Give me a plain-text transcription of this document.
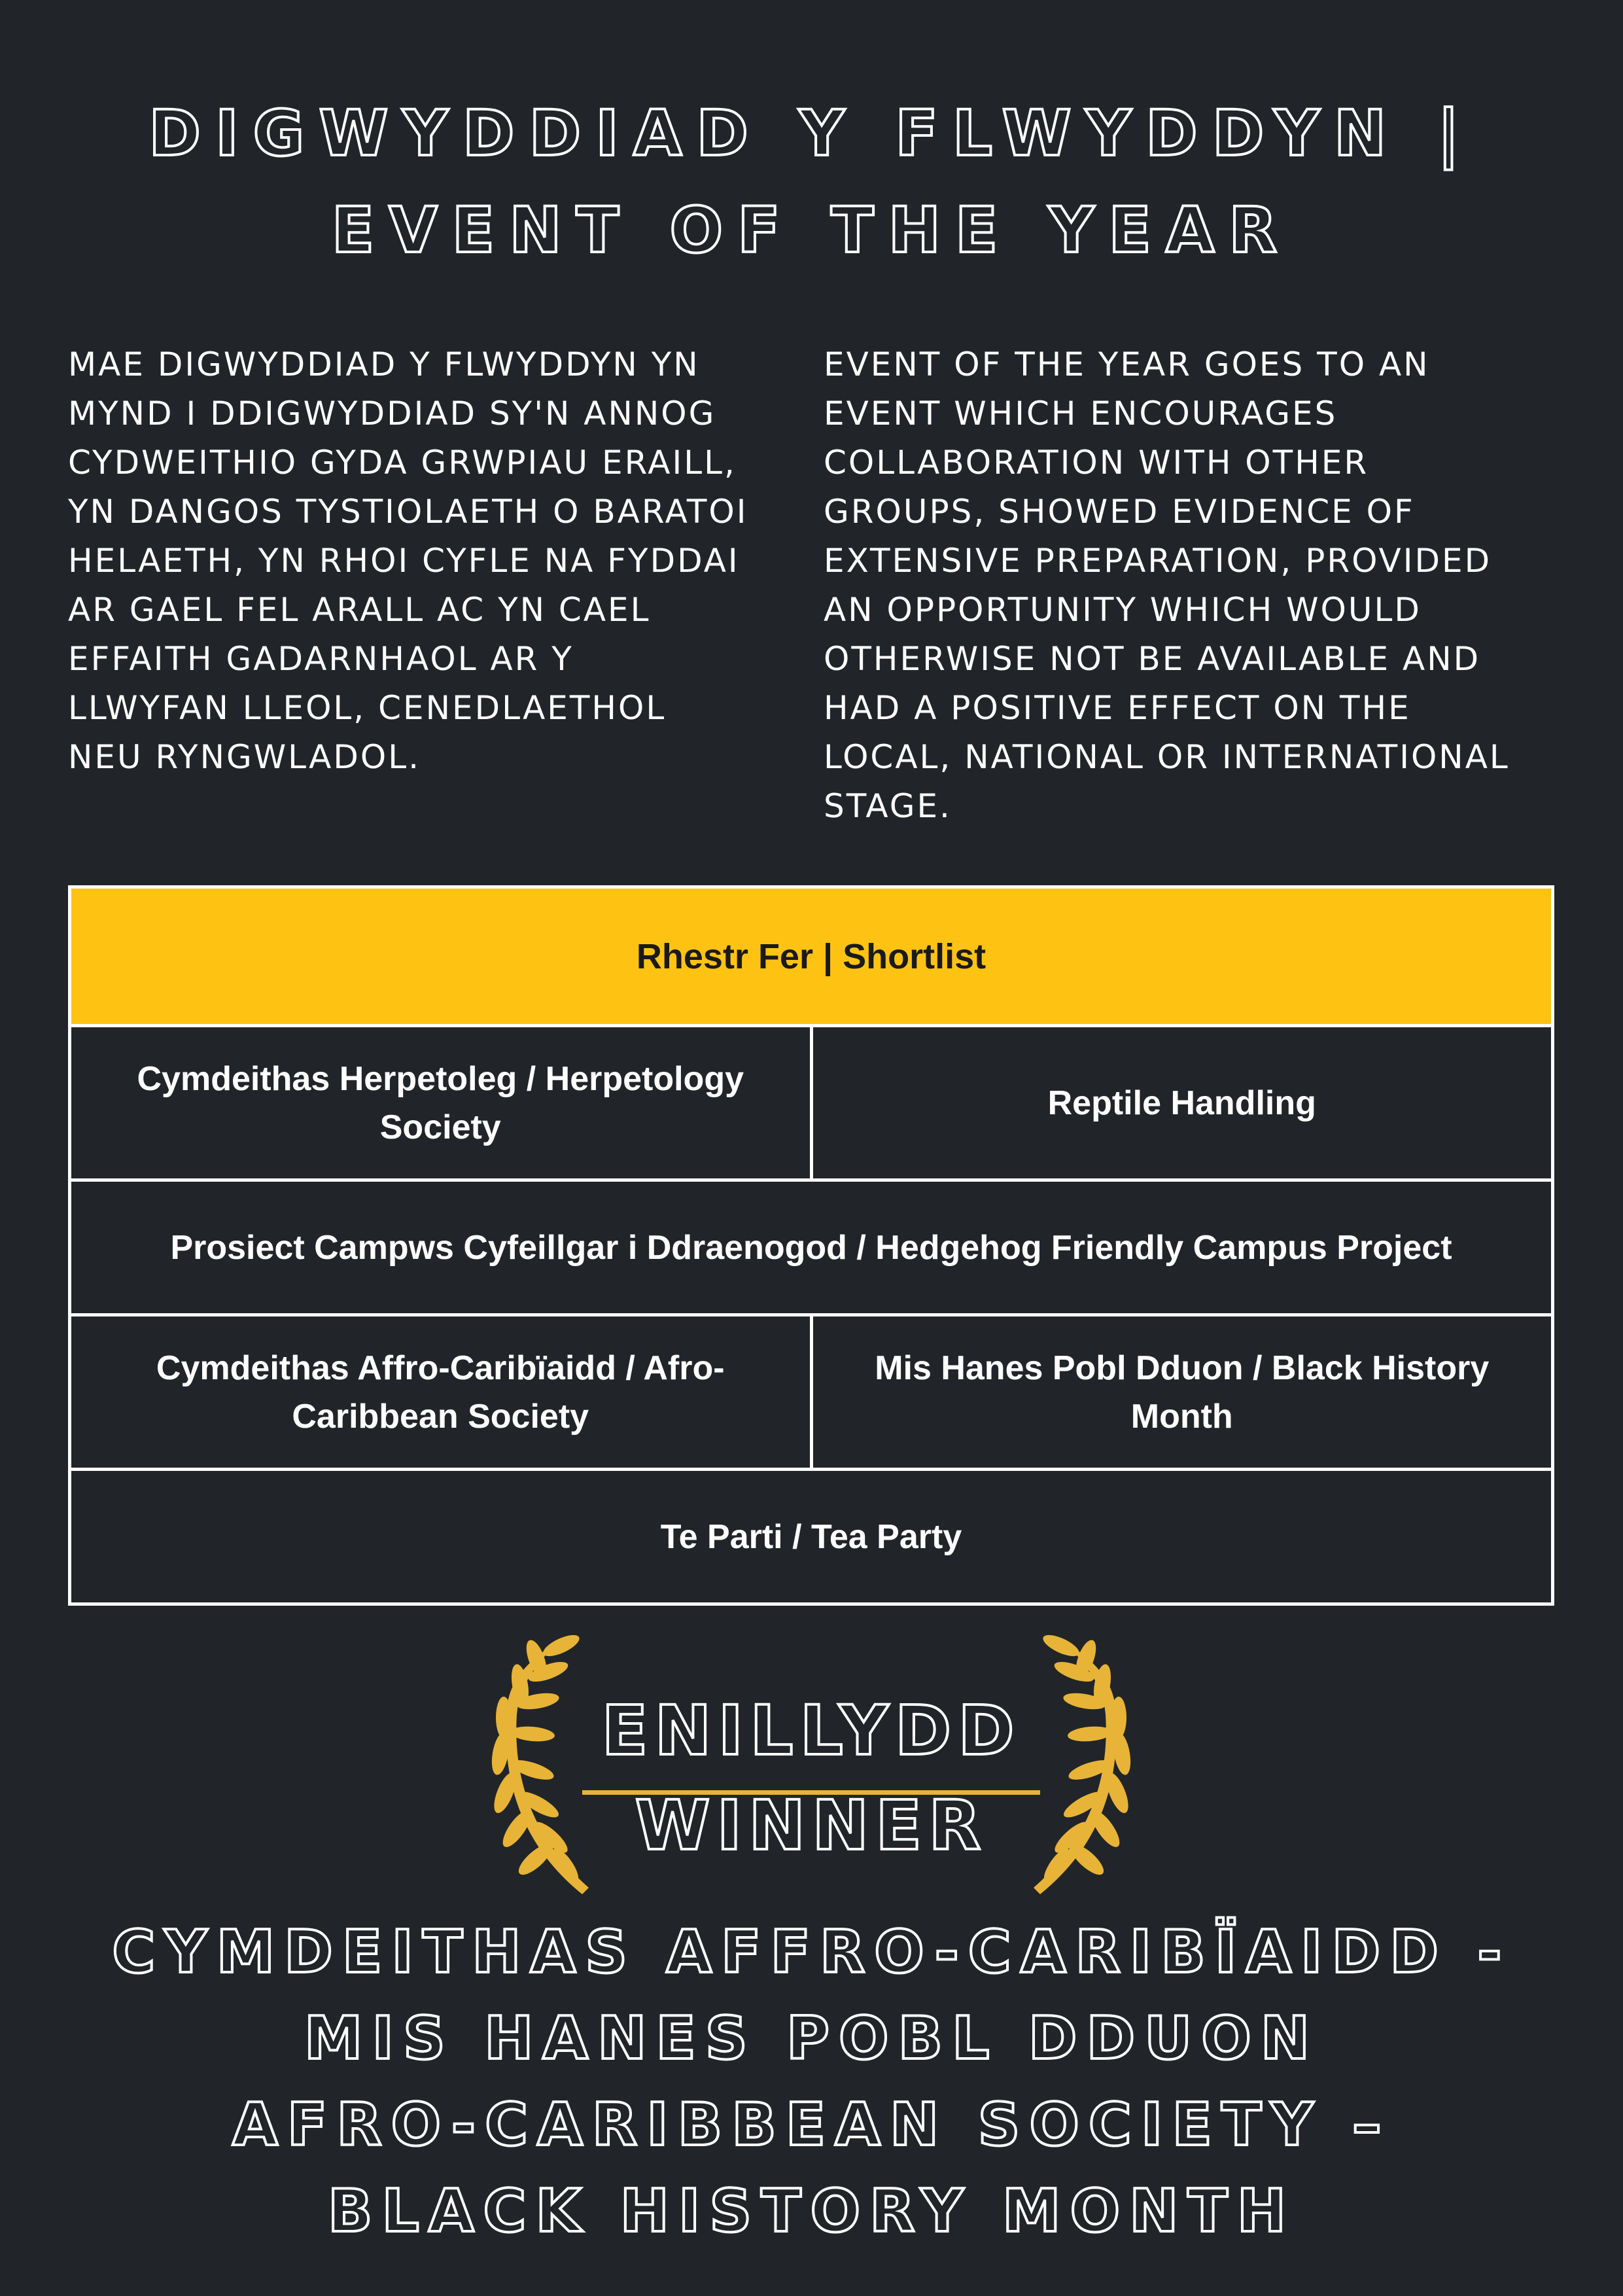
DIGWYDDIAD Y FLWYDDYN |
EVENT OF THE YEAR
MAE DIGWYDDIAD Y FLWYDDYN YN
MYND I DDIGWYDDIAD SY'N ANNOG
CYDWEITHIO GYDA GRWPIAU ERAILL,
YN DANGOS TYSTIOLAETH O BARATOI
HELAETH, YN RHOI CYFLE NA FYDDAI
AR GAEL FEL ARALL AC YN CAEL
EFFAITH GADARNHAOL AR Y
LLWYFAN LLEOL, CENEDLAETHOL
NEU RYNGWLADOL.
EVENT OF THE YEAR GOES TO AN
EVENT WHICH ENCOURAGES
COLLABORATION WITH OTHER
GROUPS, SHOWED EVIDENCE OF
EXTENSIVE PREPARATION, PROVIDED
AN OPPORTUNITY WHICH WOULD
OTHERWISE NOT BE AVAILABLE AND
HAD A POSITIVE EFFECT ON THE
LOCAL, NATIONAL OR INTERNATIONAL
STAGE.
Rhestr Fer | Shortlist
Cymdeithas Herpetoleg / Herpetology
Society
Reptile Handling
Prosiect Campws Cyfeillgar i Ddraenogod / Hedgehog Friendly Campus Project
Cymdeithas Affro-Caribïaidd / Afro-
Caribbean Society
Mis Hanes Pobl Dduon / Black History
Month
Te Parti / Tea Party
ENILLYDD
WINNER
CYMDEITHAS AFFRO-CARIBÏAIDD -
MIS HANES POBL DDUON
AFRO-CARIBBEAN SOCIETY –
BLACK HISTORY MONTH
